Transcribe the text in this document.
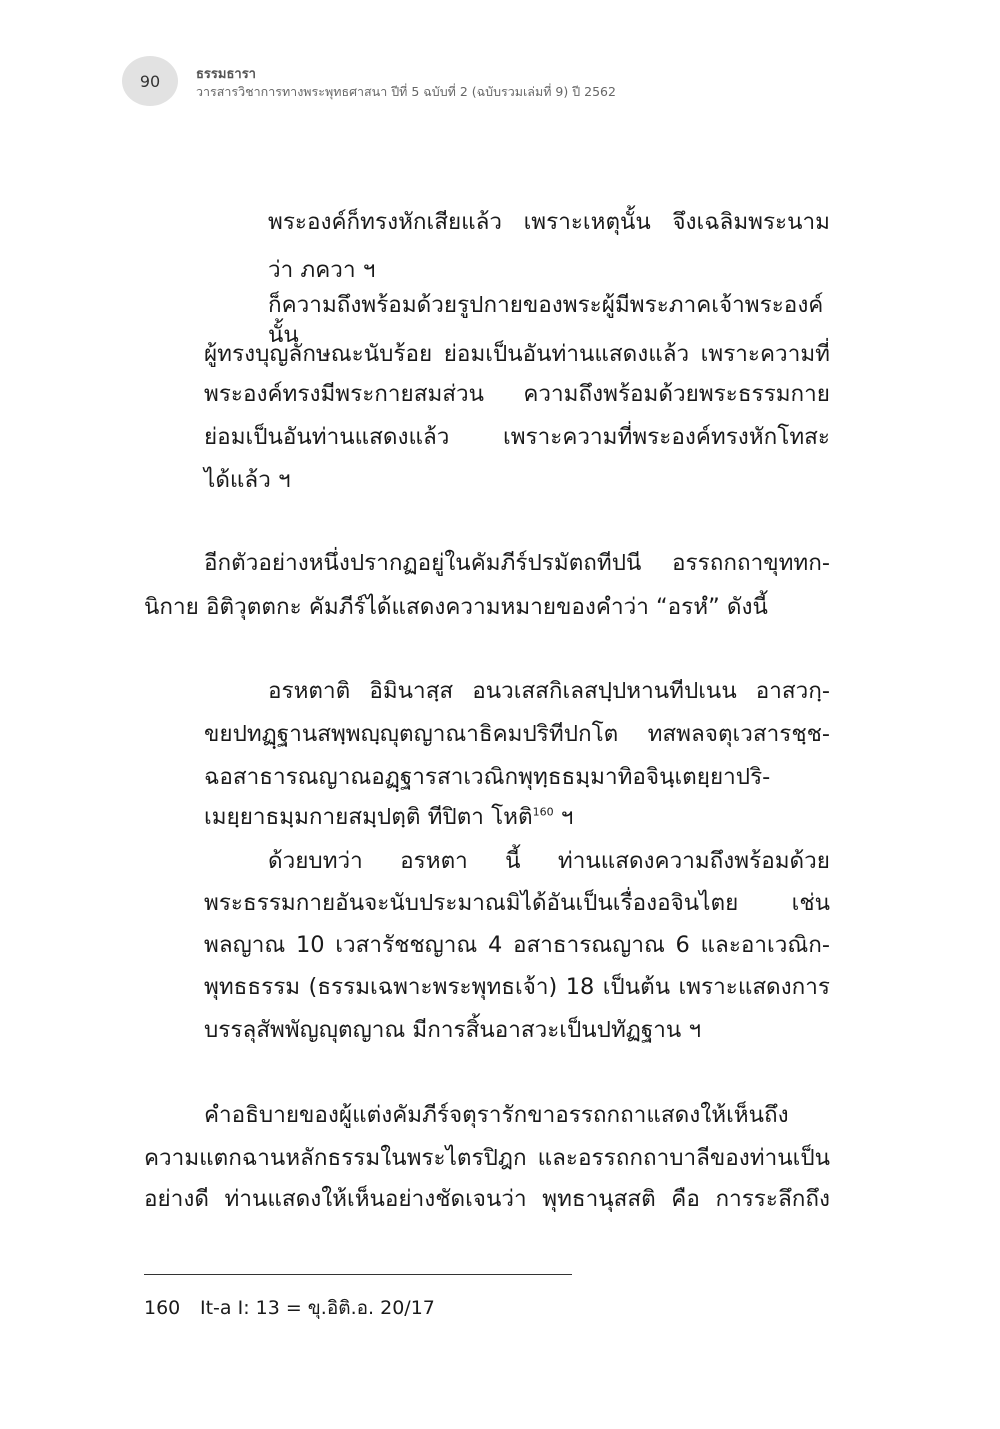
90	ธรรมธารา
วารสารวิชาการทางพระพุทธศาสนา ปีที่ 5 ฉบับที่ 2 (ฉบับรวมเล่มที่ 9) ปี 2562
พระองค์ก็ทรงหักเสียแล้ว เพราะเหตุนั้น จึงเฉลิมพระนาม
ว่า ภควา ฯ
ก็ความถึงพร้อมด้วยรูปกายของพระผู้มีพระภาคเจ้าพระองค์นั้น
ผู้ทรงบุญลักษณะนับร้อย ย่อมเป็นอันท่านแสดงแล้ว เพราะความที่
พระองค์ทรงมีพระกายสมส่วน ความถึงพร้อมด้วยพระธรรมกาย
ย่อมเป็นอันท่านแสดงแล้ว เพราะความที่พระองค์ทรงหักโทสะ
ได้แล้ว ฯ
อีกตัวอย่างหนึ่งปรากฏอยู่ในคัมภีร์ปรมัตถทีปนี อรรถกถาขุททก-
นิกาย อิติวุตตกะ คัมภีร์ได้แสดงความหมายของคำว่า “อรหํ” ดังนี้
อรหตาติ อิมินาสฺส อนวเสสกิเลสปฺปหานทีปเนน อาสวกฺ-
ขยปทฏฺฐานสพฺพญฺญุตญาณาธิคมปริทีปกโต ทสพลจตุเวสารชฺช-
ฉอสาธารณญาณอฏฺฐารสาเวณิกพุทฺธธมฺมาทิอจินฺเตยฺยาปริ-
เมยฺยาธมฺมกายสมฺปตฺติ ทีปิตา โหติ$^{160}$ ฯ
ด้วยบทว่า อรหตา นี้ ท่านแสดงความถึงพร้อมด้วย
พระธรรมกายอันจะนับประมาณมิได้อันเป็นเรื่องอจินไตย เช่น
พลญาณ 10 เวสารัชชญาณ 4 อสาธารณญาณ 6 และอาเวณิก-
พุทธธรรม (ธรรมเฉพาะพระพุทธเจ้า) 18 เป็นต้น เพราะแสดงการ
บรรลุสัพพัญญุตญาณ มีการสิ้นอาสวะเป็นปทัฏฐาน ฯ
คำอธิบายของผู้แต่งคัมภีร์จตุรารักขาอรรถกถาแสดงให้เห็นถึง
ความแตกฉานหลักธรรมในพระไตรปิฎก และอรรถกถาบาลีของท่านเป็น
อย่างดี ท่านแสดงให้เห็นอย่างชัดเจนว่า พุทธานุสสติ คือ การระลึกถึง
160 It-a I: 13 = ขุ.อิติ.อ. 20/17
